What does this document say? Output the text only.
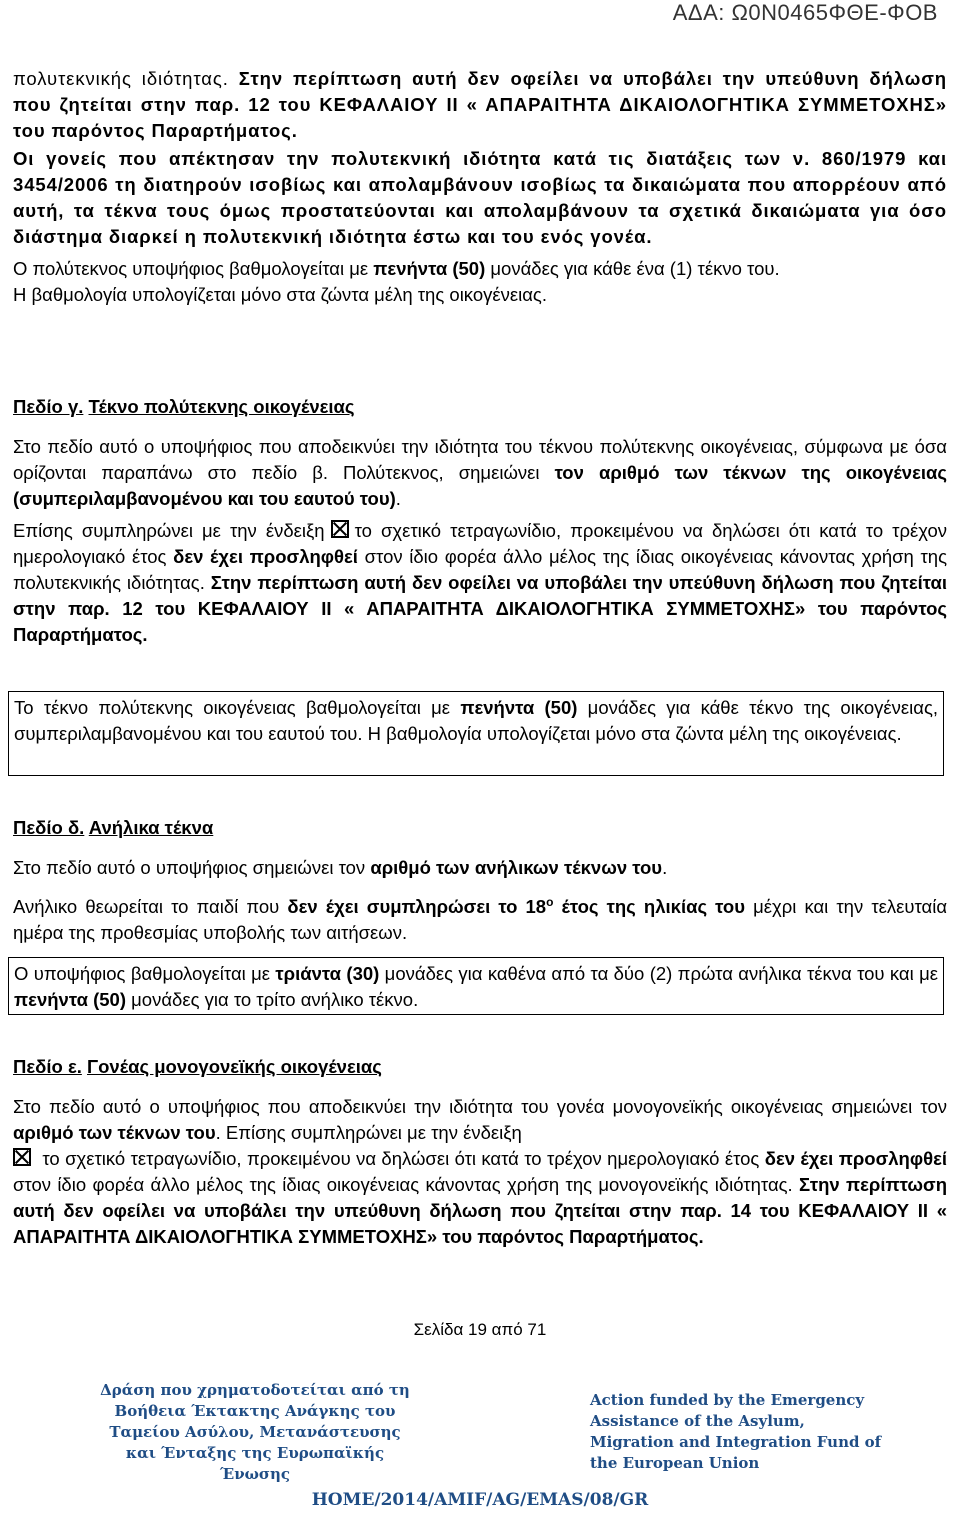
ΑΔΑ: Ω0Ν0465ΦΘΕ-ΦΟΒ

πολυτεκνικής ιδιότητας. Στην περίπτωση αυτή δεν οφείλει να υποβάλει την υπεύθυνη δήλωση που ζητείται στην παρ. 12 του ΚΕΦΑΛΑΙΟΥ ΙΙ « ΑΠΑΡΑΙΤΗΤΑ ΔΙΚΑΙΟΛΟΓΗΤΙΚΑ ΣΥΜΜΕΤΟΧΗΣ» του παρόντος Παραρτήματος.

Οι γονείς που απέκτησαν την πολυτεκνική ιδιότητα κατά τις διατάξεις των ν. 860/1979 και 3454/2006 τη διατηρούν ισοβίως και απολαμβάνουν ισοβίως τα δικαιώματα που απορρέουν από αυτή, τα τέκνα τους όμως προστατεύονται και απολαμβάνουν τα σχετικά δικαιώματα για όσο διάστημα διαρκεί η πολυτεκνική ιδιότητα έστω και του ενός γονέα.

Ο πολύτεκνος υποψήφιος βαθμολογείται με πενήντα (50) μονάδες για κάθε ένα (1) τέκνο του.
Η βαθμολογία υπολογίζεται μόνο στα ζώντα μέλη της οικογένειας.

Πεδίο γ. Τέκνο πολύτεκνης οικογένειας

Στο πεδίο αυτό ο υποψήφιος που αποδεικνύει την ιδιότητα του τέκνου πολύτεκνης οικογένειας, σύμφωνα με όσα ορίζονται παραπάνω στο πεδίο β. Πολύτεκνος, σημειώνει τον αριθμό των τέκνων της οικογένειας (συμπεριλαμβανομένου και του εαυτού του).

Επίσης συμπληρώνει με την ένδειξη το σχετικό τετραγωνίδιο, προκειμένου να δηλώσει ότι κατά το τρέχον ημερολογιακό έτος δεν έχει προσληφθεί στον ίδιο φορέα άλλο μέλος της ίδιας οικογένειας κάνοντας χρήση της πολυτεκνικής ιδιότητας. Στην περίπτωση αυτή δεν οφείλει να υποβάλει την υπεύθυνη δήλωση που ζητείται στην παρ. 12 του ΚΕΦΑΛΑΙΟΥ ΙΙ « ΑΠΑΡΑΙΤΗΤΑ ΔΙΚΑΙΟΛΟΓΗΤΙΚΑ ΣΥΜΜΕΤΟΧΗΣ» του παρόντος Παραρτήματος.

Το τέκνο πολύτεκνης οικογένειας βαθμολογείται με πενήντα (50) μονάδες για κάθε τέκνο της οικογένειας, συμπεριλαμβανομένου και του εαυτού του. Η βαθμολογία υπολογίζεται μόνο στα ζώντα μέλη της οικογένειας.

Πεδίο δ. Ανήλικα τέκνα

Στο πεδίο αυτό ο υποψήφιος σημειώνει τον αριθμό των ανήλικων τέκνων του.

Ανήλικο θεωρείται το παιδί που δεν έχει συμπληρώσει το $18^o$ έτος της ηλικίας του μέχρι και την τελευταία ημέρα της προθεσμίας υποβολής των αιτήσεων.

Ο υποψήφιος βαθμολογείται με τριάντα (30) μονάδες για καθένα από τα δύο (2) πρώτα ανήλικα τέκνα του και με πενήντα (50) μονάδες για το τρίτο ανήλικο τέκνο.

Πεδίο ε. Γονέας μονογονεϊκής οικογένειας

Στο πεδίο αυτό ο υποψήφιος που αποδεικνύει την ιδιότητα του γονέα μονογονεϊκής οικογένειας σημειώνει τον αριθμό των τέκνων του. Επίσης συμπληρώνει με την ένδειξη
το σχετικό τετραγωνίδιο, προκειμένου να δηλώσει ότι κατά το τρέχον ημερολογιακό έτος δεν έχει προσληφθεί στον ίδιο φορέα άλλο μέλος της ίδιας οικογένειας κάνοντας χρήση της μονογονεϊκής ιδιότητας. Στην περίπτωση αυτή δεν οφείλει να υποβάλει την υπεύθυνη δήλωση που ζητείται στην παρ. 14 του ΚΕΦΑΛΑΙΟΥ ΙΙ « ΑΠΑΡΑΙΤΗΤΑ ΔΙΚΑΙΟΛΟΓΗΤΙΚΑ ΣΥΜΜΕΤΟΧΗΣ» του παρόντος Παραρτήματος.

Σελίδα 19 από 71
Δράση που χρηματοδοτείται από τη Βοήθεια Έκτακτης Ανάγκης του Ταμείου Ασύλου, Μετανάστευσης και Ένταξης της Ευρωπαϊκής Ένωσης
Action funded by the Emergency Assistance of the Asylum, Migration and Integration Fund of the European Union
HOME/2014/AMIF/AG/EMAS/08/GR
